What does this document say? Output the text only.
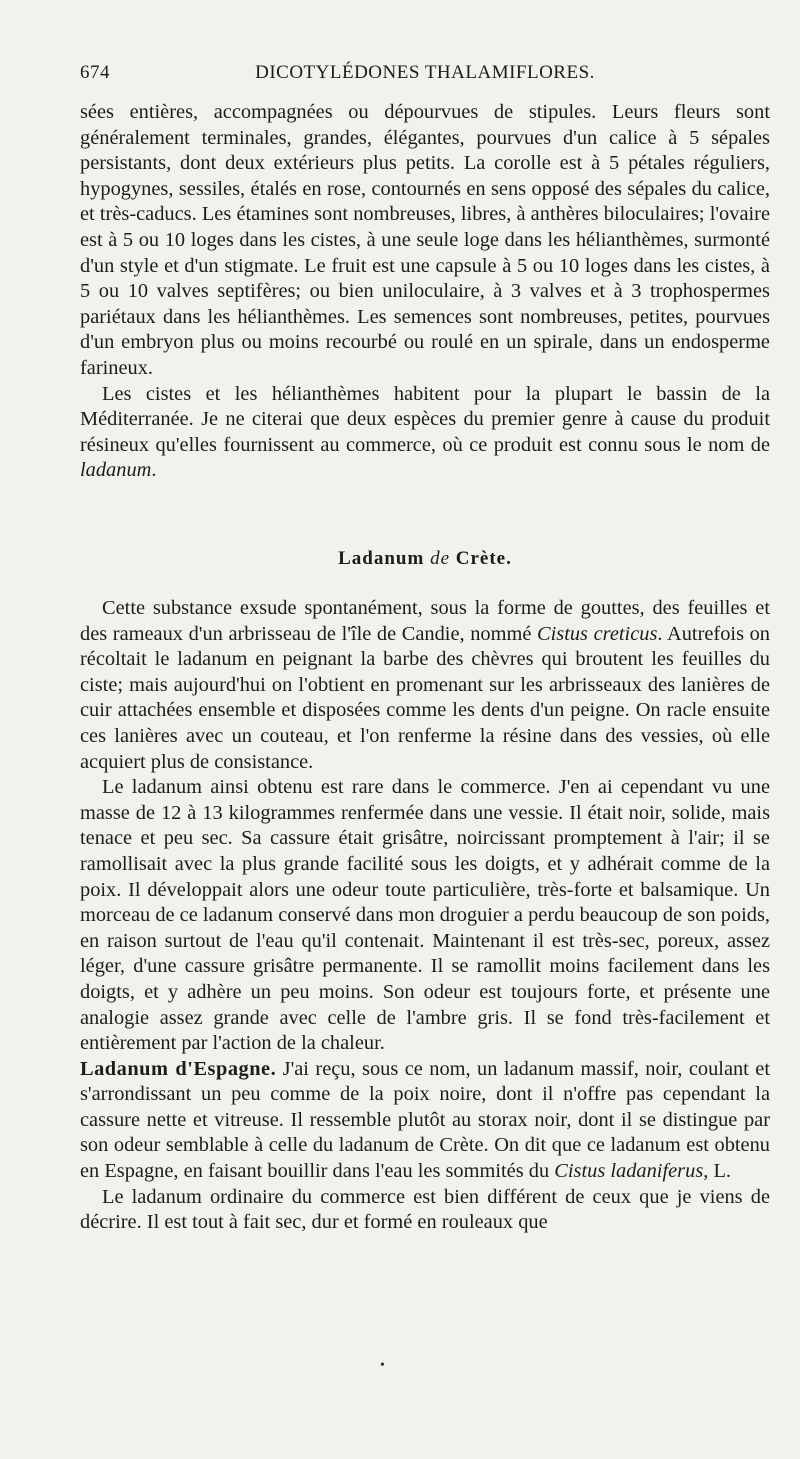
674	DICOTYLÉDONES THALAMIFLORES.

sées entières, accompagnées ou dépourvues de stipules. Leurs fleurs sont généralement terminales, grandes, élégantes, pourvues d'un calice à 5 sépales persistants, dont deux extérieurs plus petits. La corolle est à 5 pétales réguliers, hypogynes, sessiles, étalés en rose, contournés en sens opposé des sépales du calice, et très-caducs. Les étamines sont nombreuses, libres, à anthères biloculaires; l'ovaire est à 5 ou 10 loges dans les cistes, à une seule loge dans les hélianthèmes, surmonté d'un style et d'un stigmate. Le fruit est une capsule à 5 ou 10 loges dans les cistes, à 5 ou 10 valves septifères; ou bien uniloculaire, à 3 valves et à 3 trophospermes pariétaux dans les hélianthèmes. Les semences sont nombreuses, petites, pourvues d'un embryon plus ou moins recourbé ou roulé en un spirale, dans un endosperme farineux.

Les cistes et les hélianthèmes habitent pour la plupart le bassin de la Méditerranée. Je ne citerai que deux espèces du premier genre à cause du produit résineux qu'elles fournissent au commerce, où ce produit est connu sous le nom de ladanum.

Ladanum de Crète.

Cette substance exsude spontanément, sous la forme de gouttes, des feuilles et des rameaux d'un arbrisseau de l'île de Candie, nommé Cistus creticus. Autrefois on récoltait le ladanum en peignant la barbe des chèvres qui broutent les feuilles du ciste; mais aujourd'hui on l'obtient en promenant sur les arbrisseaux des lanières de cuir attachées ensemble et disposées comme les dents d'un peigne. On racle ensuite ces lanières avec un couteau, et l'on renferme la résine dans des vessies, où elle acquiert plus de consistance.

Le ladanum ainsi obtenu est rare dans le commerce. J'en ai cependant vu une masse de 12 à 13 kilogrammes renfermée dans une vessie. Il était noir, solide, mais tenace et peu sec. Sa cassure était grisâtre, noircissant promptement à l'air; il se ramollisait avec la plus grande facilité sous les doigts, et y adhérait comme de la poix. Il développait alors une odeur toute particulière, très-forte et balsamique. Un morceau de ce ladanum conservé dans mon droguier a perdu beaucoup de son poids, en raison surtout de l'eau qu'il contenait. Maintenant il est très-sec, poreux, assez léger, d'une cassure grisâtre permanente. Il se ramollit moins facilement dans les doigts, et y adhère un peu moins. Son odeur est toujours forte, et présente une analogie assez grande avec celle de l'ambre gris. Il se fond très-facilement et entièrement par l'action de la chaleur.

Ladanum d'Espagne. J'ai reçu, sous ce nom, un ladanum massif, noir, coulant et s'arrondissant un peu comme de la poix noire, dont il n'offre pas cependant la cassure nette et vitreuse. Il ressemble plutôt au storax noir, dont il se distingue par son odeur semblable à celle du ladanum de Crète. On dit que ce ladanum est obtenu en Espagne, en faisant bouillir dans l'eau les sommités du Cistus ladaniferus, L.

Le ladanum ordinaire du commerce est bien différent de ceux que je viens de décrire. Il est tout à fait sec, dur et formé en rouleaux que

•
